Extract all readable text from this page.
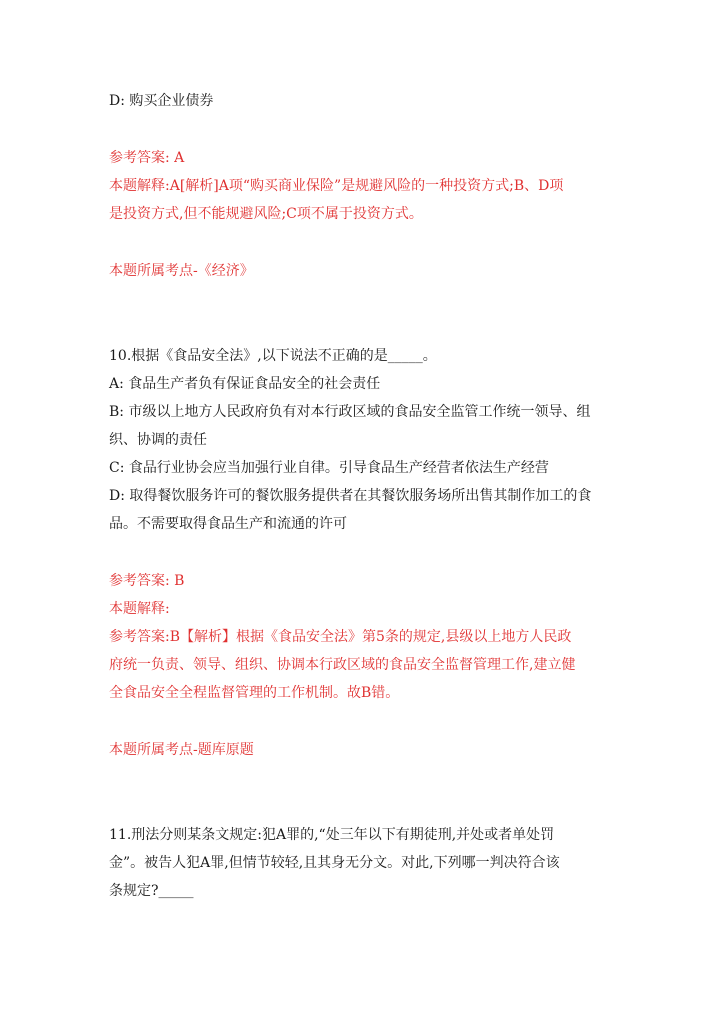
D: 购买企业债券
参考答案: A
本题解释:A[解析]A项“购买商业保险”是规避风险的一种投资方式;B、D项
是投资方式,但不能规避风险;C项不属于投资方式。
本题所属考点-《经济》
10.根据《食品安全法》,以下说法不正确的是_____。
A: 食品生产者负有保证食品安全的社会责任
B: 市级以上地方人民政府负有对本行政区域的食品安全监管工作统一领导、组
织、协调的责任
C: 食品行业协会应当加强行业自律。引导食品生产经营者依法生产经营
D: 取得餐饮服务许可的餐饮服务提供者在其餐饮服务场所出售其制作加工的食
品。不需要取得食品生产和流通的许可
参考答案: B
本题解释:
参考答案:B【解析】根据《食品安全法》第5条的规定,县级以上地方人民政
府统一负责、领导、组织、协调本行政区域的食品安全监督管理工作,建立健
全食品安全全程监督管理的工作机制。故B错。
本题所属考点-题库原题
11.刑法分则某条文规定:犯A罪的,“处三年以下有期徒刑,并处或者单处罚
金”。被告人犯A罪,但情节较轻,且其身无分文。对此,下列哪一判决符合该
条规定?_____
